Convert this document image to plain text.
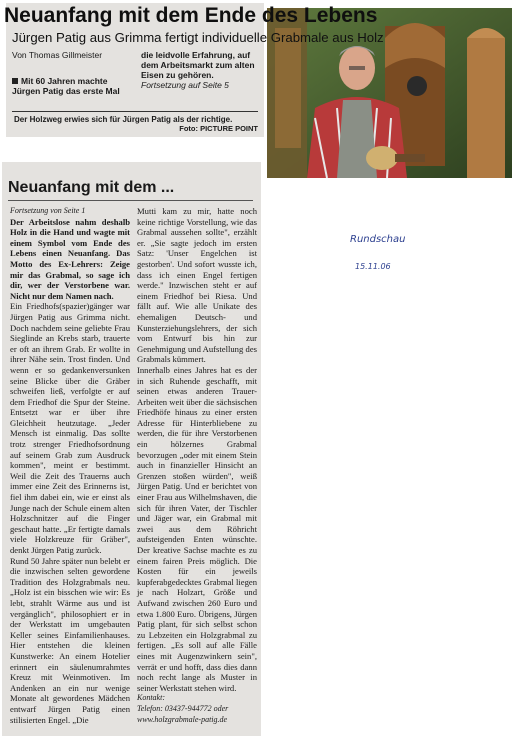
Neuanfang mit dem Ende des Lebens
Jürgen Patig aus Grimma fertigt individuelle Grabmale aus Holz
Von Thomas Gillmeister
Mit 60 Jahren machte Jürgen Patig das erste Mal
die leidvolle Erfahrung, auf dem Arbeitsmarkt zum alten Eisen zu gehören.
Fortsetzung auf Seite 5
Der Holzweg erwies sich für Jürgen Patig als der richtige.

Foto: PICTURE POINT
Neuanfang mit dem ...

Fortsetzung von Seite 1

Der Arbeitslose nahm deshalb Holz in die Hand und wagte mit einem Symbol vom Ende des Lebens einen Neuanfang. Das Motto des Ex-Lehrers: Zeige mir das Grabmal, so sage ich dir, wer der Verstorbene war. Nicht nur dem Namen nach.

Ein Friedhofs(spazier)gänger war Jürgen Patig aus Grimma nicht. Doch nachdem seine geliebte Frau Sieglinde an Krebs starb, trauerte er oft an ihrem Grab. Er wollte in ihrer Nähe sein. Trost finden. Und wenn er so gedankenversunken seine Blicke über die Gräber schweifen ließ, verfolgte er auf dem Friedhof die Spur der Steine. Entsetzt war er über ihre Gleichheit heutzutage. „Jeder Mensch ist einmalig. Das sollte trotz strenger Friedhofsordnung auf seinem Grab zum Ausdruck kommen", meint er bestimmt. Weil die Zeit des Trauerns auch immer eine Zeit des Erinnerns ist, fiel ihm dabei ein, wie er einst als Junge nach der Schule einem alten Holzschnitzer auf die Finger geschaut hatte. „Er fertigte damals viele Holzkreuze für Gräber", denkt Jürgen Patig zurück.

Rund 50 Jahre später nun belebt er die inzwischen selten gewordene Tradition des Holzgrabmals neu. „Holz ist ein bisschen wie wir: Es lebt, strahlt Wärme aus und ist vergänglich", philosophiert er in der Werkstatt im umgebauten Keller seines Einfamilienhauses. Hier entstehen die kleinen Kunstwerke: An einem Hotelier erinnert ein säulenumrahmtes Kreuz mit Weinmotiven. Im Andenken an ein nur wenige Monate alt gewordenes Mädchen entwarf Jürgen Patig einen stilisierten Engel. „Die

Mutti kam zu mir, hatte noch keine richtige Vorstellung, wie das Grabmal aussehen sollte", erzählt er. „Sie sagte jedoch im ersten Satz: 'Unser Engelchen ist gestorben'. Und sofort wusste ich, dass ich einen Engel fertigen werde." Inzwischen steht er auf einem Friedhof bei Riesa. Und fällt auf. Wie alle Unikate des ehemaligen Deutsch- und Kunsterziehungslehrers, der sich vom Entwurf bis hin zur Genehmigung und Aufstellung des Grabmals kümmert.

Innerhalb eines Jahres hat es der in sich Ruhende geschafft, mit seinen etwas anderen Trauer-Arbeiten weit über die sächsischen Friedhöfe hinaus zu einer ersten Adresse für Hinterbliebene zu werden, die für ihre Verstorbenen ein hölzernes Grabmal bevorzugen „oder mit einem Stein auch in finanzieller Hinsicht an Grenzen stoßen würden", weiß Jürgen Patig. Und er berichtet von einer Frau aus Wilhelmshaven, die sich für ihren Vater, der Tischler und Jäger war, ein Grabmal mit zwei aus dem Röhricht aufsteigenden Enten wünschte. Der kreative Sachse machte es zu einem fairen Preis möglich. Die Kosten für ein jeweils kupferabgedecktes Grabmal liegen je nach Holzart, Größe und Aufwand zwischen 260 Euro und etwa 1.800 Euro. Übrigens, Jürgen Patig plant, für sich selbst schon zu Lebzeiten ein Holzgrabmal zu fertigen. „Es soll auf alle Fälle eines mit Augenzwinkern sein", verrät er und hofft, dass dies dann noch recht lange als Muster in seiner Werkstatt stehen wird.

Kontakt:

Telefon: 03437-944772 oder

www.holzgrabmale-patig.de

Rundschau
15.11.06
